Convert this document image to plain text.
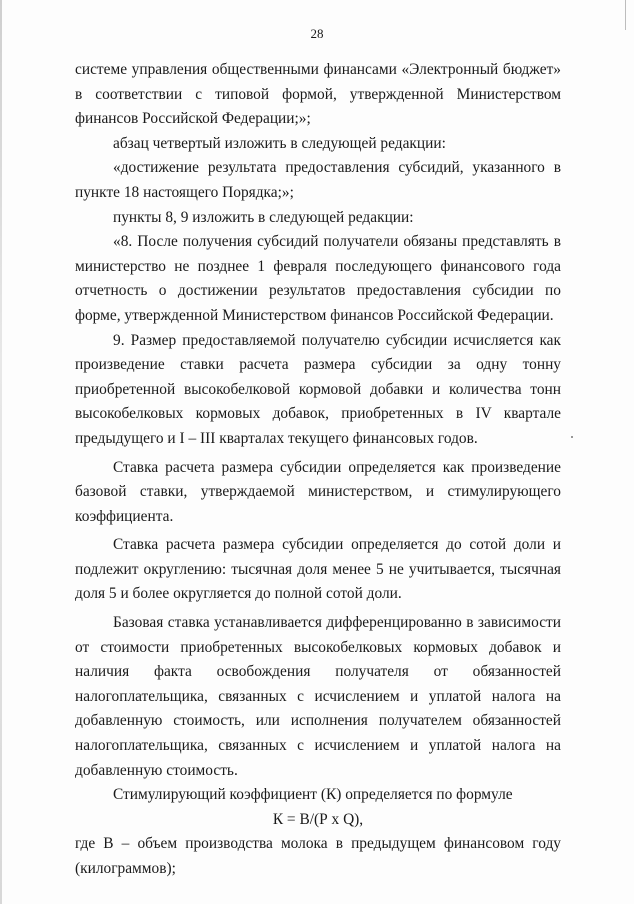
28

системе управления общественными финансами «Электронный бюджет» в соответствии с типовой формой, утвержденной Министерством финансов Российской Федерации;»;

абзац четвертый изложить в следующей редакции:

«достижение результата предоставления субсидий, указанного в пункте 18 настоящего Порядка;»;

пункты 8, 9 изложить в следующей редакции:

«8. После получения субсидий получатели обязаны представлять в министерство не позднее 1 февраля последующего финансового года отчетность о достижении результатов предоставления субсидии по форме, утвержденной Министерством финансов Российской Федерации.

9. Размер предоставляемой получателю субсидии исчисляется как произведение ставки расчета размера субсидии за одну тонну приобретенной высокобелковой кормовой добавки и количества тонн высокобелковых кормовых добавок, приобретенных в IV квартале предыдущего и I – III кварталах текущего финансовых годов.

Ставка расчета размера субсидии определяется как произведение базовой ставки, утверждаемой министерством, и стимулирующего коэффициента.

Ставка расчета размера субсидии определяется до сотой доли и подлежит округлению: тысячная доля менее 5 не учитывается, тысячная доля 5 и более округляется до полной сотой доли.

Базовая ставка устанавливается дифференцированно в зависимости от стоимости приобретенных высокобелковых кормовых добавок и наличия факта освобождения получателя от обязанностей налогоплательщика, связанных с исчислением и уплатой налога на добавленную стоимость, или исполнения получателем обязанностей налогоплательщика, связанных с исчислением и уплатой налога на добавленную стоимость.

Стимулирующий коэффициент (К) определяется по формуле

К = В/(Р х Q),

где В – объем производства молока в предыдущем финансовом году (килограммов);
